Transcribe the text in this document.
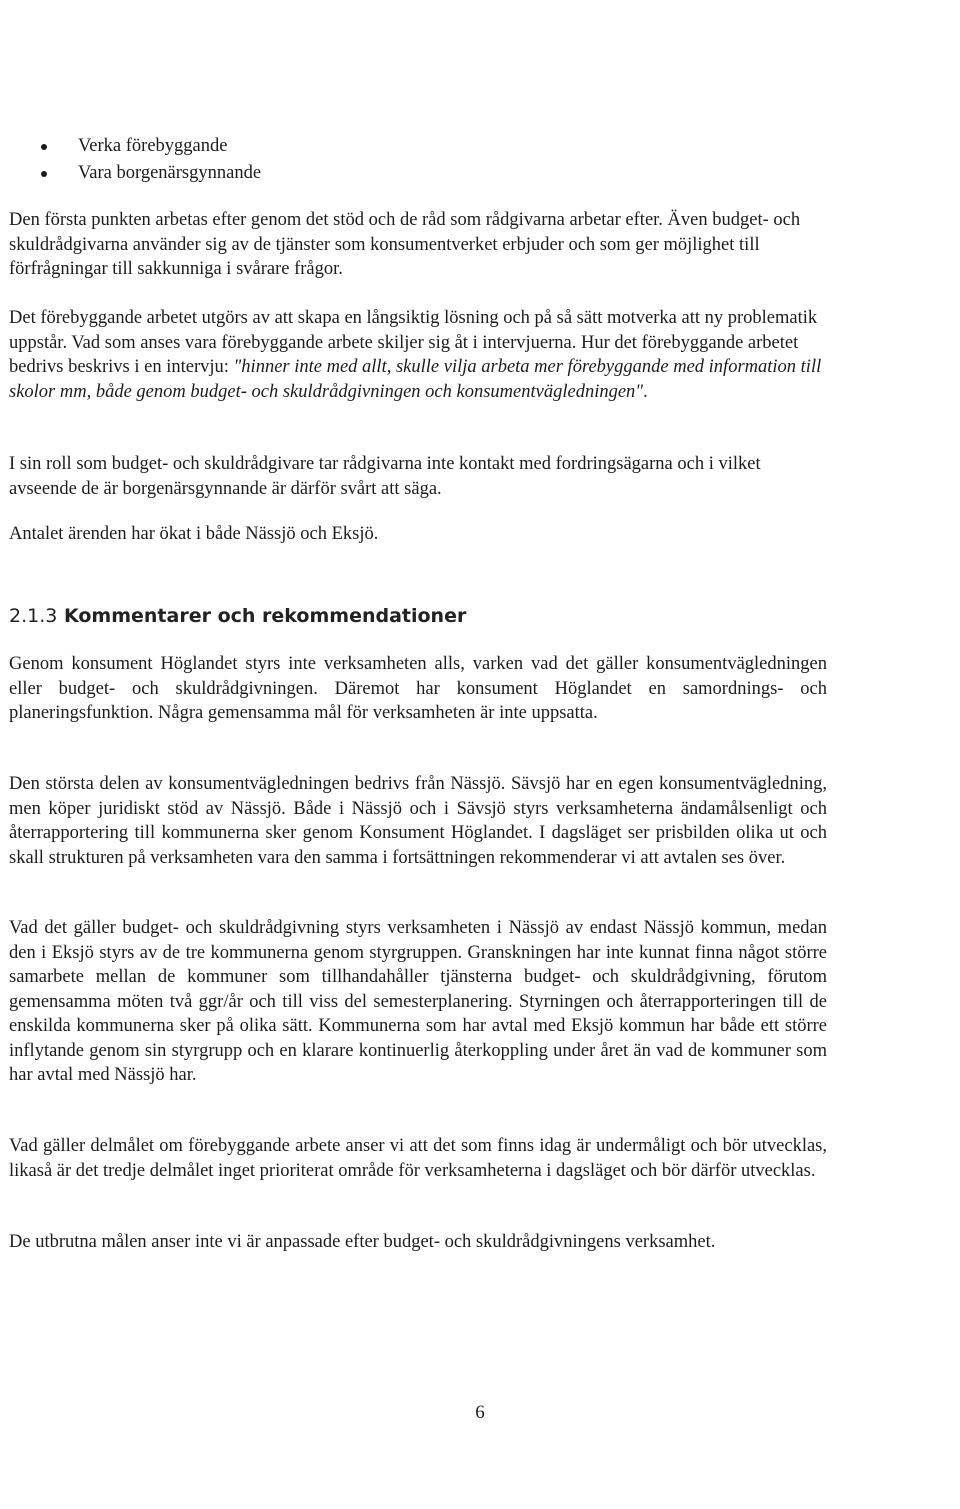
Verka förebyggande
Vara borgenärsgynnande

Den första punkten arbetas efter genom det stöd och de råd som rådgivarna arbetar efter. Även budget- och skuldrådgivarna använder sig av de tjänster som konsumentverket erbjuder och som ger möjlighet till förfrågningar till sakkunniga i svårare frågor.

Det förebyggande arbetet utgörs av att skapa en långsiktig lösning och på så sätt motverka att ny problematik uppstår. Vad som anses vara förebyggande arbete skiljer sig åt i intervjuerna. Hur det förebyggande arbetet bedrivs beskrivs i en intervju: "hinner inte med allt, skulle vilja arbeta mer förebyggande med information till skolor mm, både genom budget- och skuldrådgivningen och konsumentvägledningen".

I sin roll som budget- och skuldrådgivare tar rådgivarna inte kontakt med fordringsägarna och i vilket avseende de är borgenärsgynnande är därför svårt att säga.

Antalet ärenden har ökat i både Nässjö och Eksjö.

2.1.3 Kommentarer och rekommendationer

Genom konsument Höglandet styrs inte verksamheten alls, varken vad det gäller konsumentvägledningen eller budget- och skuldrådgivningen. Däremot har konsument Höglandet en samordnings- och planeringsfunktion. Några gemensamma mål för verksamheten är inte uppsatta.

Den största delen av konsumentvägledningen bedrivs från Nässjö. Sävsjö har en egen konsumentvägledning, men köper juridiskt stöd av Nässjö. Både i Nässjö och i Sävsjö styrs verksamheterna ändamålsenligt och återrapportering till kommunerna sker genom Konsument Höglandet. I dagsläget ser prisbilden olika ut och skall strukturen på verksamheten vara den samma i fortsättningen rekommenderar vi att avtalen ses över.

Vad det gäller budget- och skuldrådgivning styrs verksamheten i Nässjö av endast Nässjö kommun, medan den i Eksjö styrs av de tre kommunerna genom styrgruppen. Granskningen har inte kunnat finna något större samarbete mellan de kommuner som tillhandahåller tjänsterna budget- och skuldrådgivning, förutom gemensamma möten två ggr/år och till viss del semesterplanering. Styrningen och återrapporteringen till de enskilda kommunerna sker på olika sätt. Kommunerna som har avtal med Eksjö kommun har både ett större inflytande genom sin styrgrupp och en klarare kontinuerlig återkoppling under året än vad de kommuner som har avtal med Nässjö har.

Vad gäller delmålet om förebyggande arbete anser vi att det som finns idag är undermåligt och bör utvecklas, likaså är det tredje delmålet inget prioriterat område för verksamheterna i dagsläget och bör därför utvecklas.

De utbrutna målen anser inte vi är anpassade efter budget- och skuldrådgivningens verksamhet.

6
